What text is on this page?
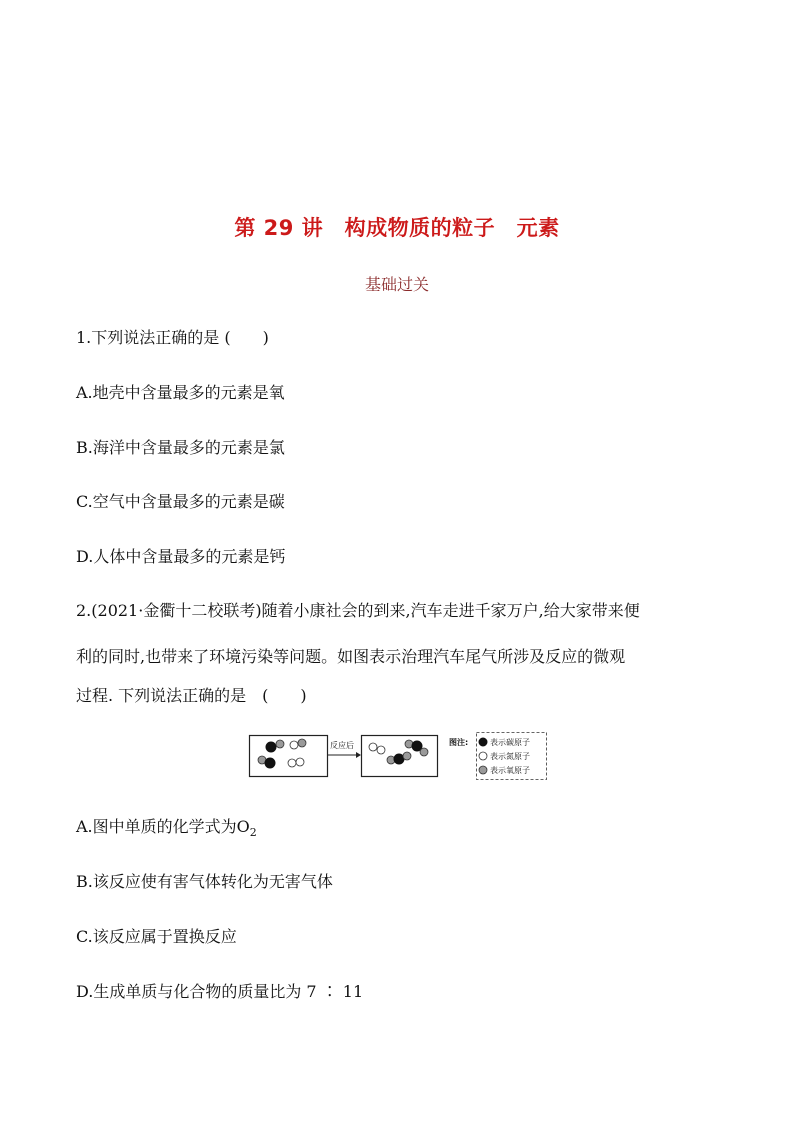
第 29 讲　构成物质的粒子　元素
基础过关
1.下列说法正确的是 (　　)
A.地壳中含量最多的元素是氧
B.海洋中含量最多的元素是氯
C.空气中含量最多的元素是碳
D.人体中含量最多的元素是钙
2.(2021·金衢十二校联考)随着小康社会的到来,汽车走进千家万户,给大家带来便
利的同时,也带来了环境污染等问题。如图表示治理汽车尾气所涉及反应的微观
过程. 下列说法正确的是　(　　)
反应后	图注:	表示碳原子
表示氮原子
表示氧原子
A.图中单质的化学式为$O_2$
B.该反应使有害气体转化为无害气体
C.该反应属于置换反应
D.生成单质与化合物的质量比为 7 ∶ 11
